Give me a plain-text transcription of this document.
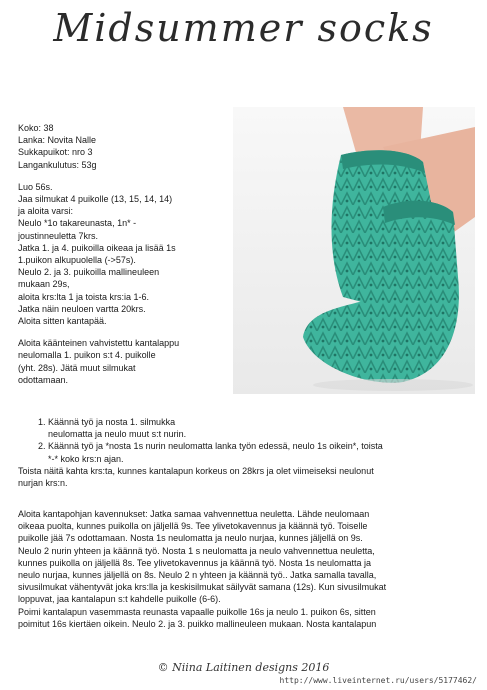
Midsummer socks
Koko: 38
Lanka: Novita Nalle
Sukkapuikot: nro 3
Langankulutus: 53g
Luo 56s.
Jaa silmukat 4 puikolle (13, 15, 14, 14)
ja aloita varsi:
Neulo *1o takareunasta, 1n* -
joustinneuletta 7krs.
Jatka 1. ja 4. puikoilla oikeaa ja lisää 1s
1.puikon alkupuolella (->57s).
Neulo 2. ja 3. puikoilla mallineuleen
mukaan 29s,
aloita krs:lta 1 ja toista krs:ia 1-6.
Jatka näin neuloen vartta 20krs.
Aloita sitten kantapää.
Aloita käänteinen vahvistettu kantalappu
neulomalla 1. puikon s:t 4. puikolle
(yht. 28s). Jätä muut silmukat
odottamaan.
1. Käännä työ ja nosta 1. silmukka
neulomatta ja neulo muut s:t nurin.
2. Käännä työ ja *nosta 1s nurin neulomatta lanka työn edessä, neulo 1s oikein*, toista
*-* koko krs:n ajan.
Toista näitä kahta krs:ta, kunnes kantalapun korkeus on 28krs ja olet viimeiseksi neulonut
nurjan krs:n.
Aloita kantapohjan kavennukset: Jatka samaa vahvennettua neuletta. Lähde neulomaan
oikeaa puolta, kunnes puikolla on jäljellä 9s. Tee ylivetokavennus ja käännä työ. Toiselle
puikolle jää 7s odottamaan. Nosta 1s neulomatta ja neulo nurjaa, kunnes jäljellä on 9s.
Neulo 2 nurin yhteen ja käännä työ. Nosta 1 s neulomatta ja neulo vahvennettua neuletta,
kunnes puikolla on jäljellä 8s. Tee ylivetokavennus ja käännä työ. Nosta 1s neulomatta ja
neulo nurjaa, kunnes jäljellä on 8s. Neulo 2 n yhteen ja käännä työ.. Jatka samalla tavalla,
sivusilmukat vähentyvät joka krs:lla ja keskisilmukat säilyvät samana (12s). Kun sivusilmukat
loppuvat, jaa kantalapun s:t kahdelle puikolle (6-6).
Poimi kantalapun vasemmasta reunasta vapaalle puikolle 16s ja neulo 1. puikon 6s, sitten
poimitut 16s kiertäen oikein. Neulo 2. ja 3. puikko mallineuleen mukaan. Nosta kantalapun
© Niina Laitinen designs 2016
http://www.liveinternet.ru/users/5177462/
